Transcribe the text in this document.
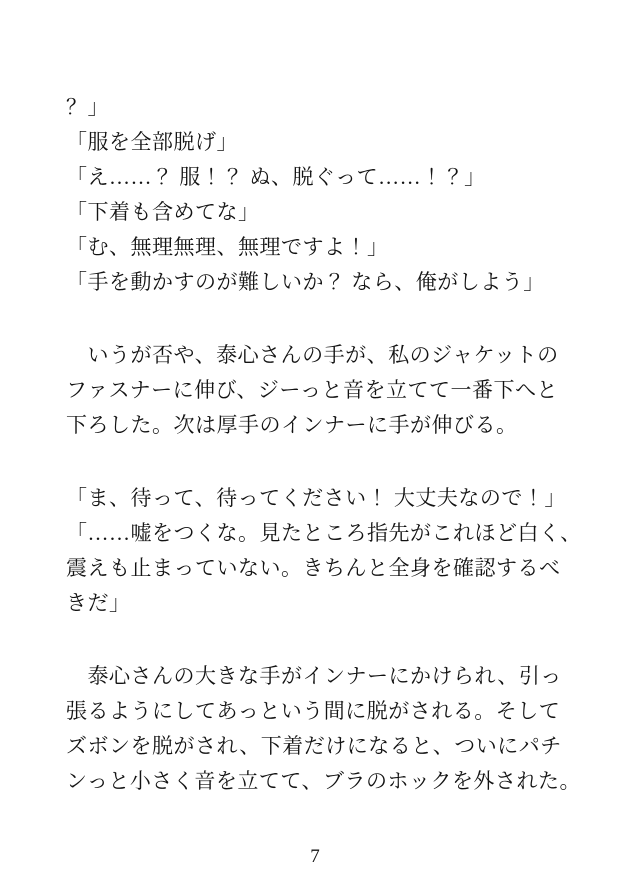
？」
「服を全部脱げ」
「え……？ 服！？ ぬ、脱ぐって……！？」
「下着も含めてな」
「む、無理無理、無理ですよ！」
「手を動かすのが難しいか？ なら、俺がしよう」
　いうが否や、泰心さんの手が、私のジャケットの
ファスナーに伸び、ジーっと音を立てて一番下へと
下ろした。次は厚手のインナーに手が伸びる。
「ま、待って、待ってください！ 大丈夫なので！」
「……嘘をつくな。見たところ指先がこれほど白く、
震えも止まっていない。きちんと全身を確認するべ
きだ」
　泰心さんの大きな手がインナーにかけられ、引っ
張るようにしてあっという間に脱がされる。そして
ズボンを脱がされ、下着だけになると、ついにパチ
ンっと小さく音を立てて、ブラのホックを外された。
7
